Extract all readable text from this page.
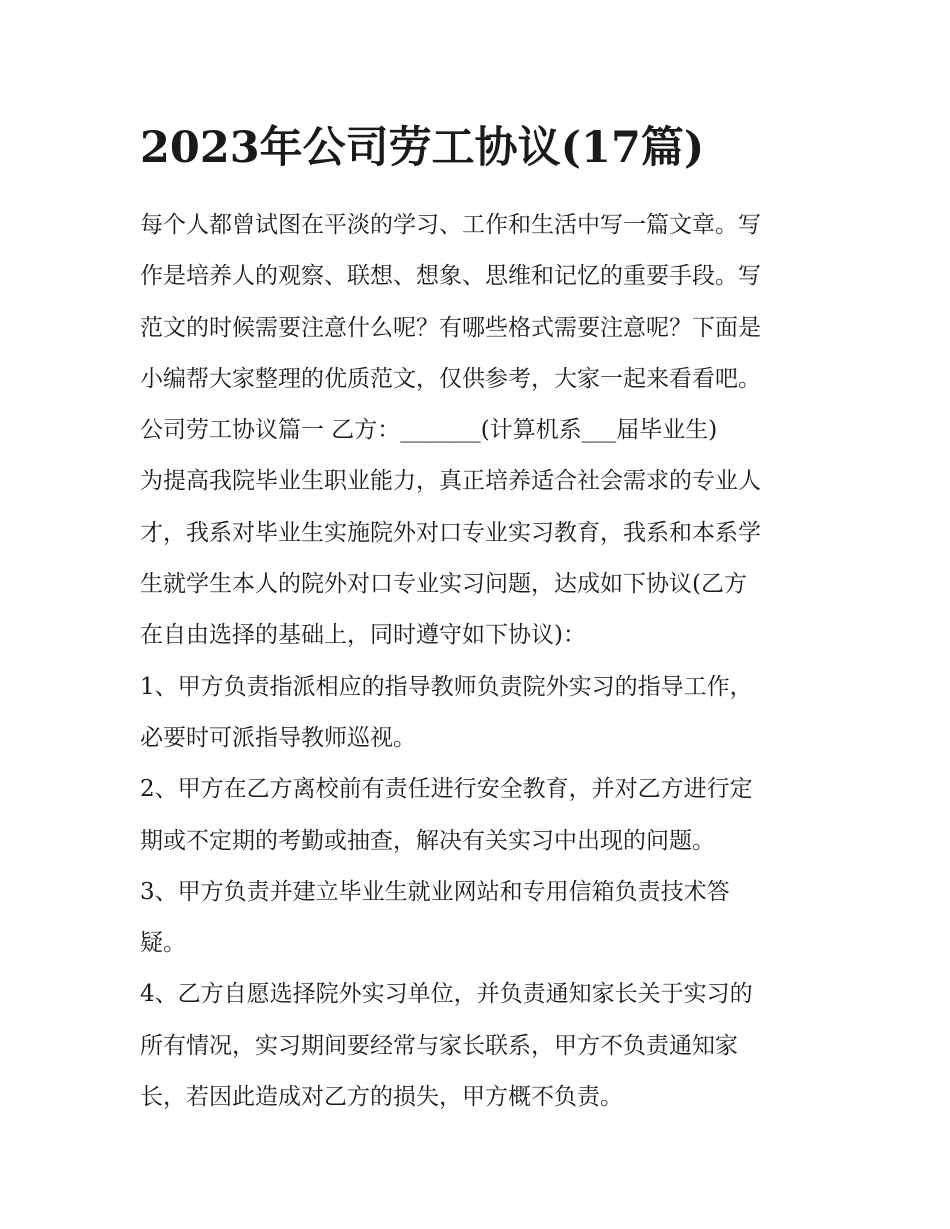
2023年公司劳工协议(17篇)
每个人都曾试图在平淡的学习、工作和生活中写一篇文章。写
作是培养人的观察、联想、想象、思维和记忆的重要手段。写
范文的时候需要注意什么呢？有哪些格式需要注意呢？下面是
小编帮大家整理的优质范文，仅供参考，大家一起来看看吧。
公司劳工协议篇一 乙方：_______(计算机系___届毕业生)
为提高我院毕业生职业能力，真正培养适合社会需求的专业人
才，我系对毕业生实施院外对口专业实习教育，我系和本系学
生就学生本人的院外对口专业实习问题，达成如下协议(乙方
在自由选择的基础上，同时遵守如下协议)：
1、甲方负责指派相应的指导教师负责院外实习的指导工作，
必要时可派指导教师巡视。
2、甲方在乙方离校前有责任进行安全教育，并对乙方进行定
期或不定期的考勤或抽查，解决有关实习中出现的问题。
3、甲方负责并建立毕业生就业网站和专用信箱负责技术答
疑。
4、乙方自愿选择院外实习单位，并负责通知家长关于实习的
所有情况，实习期间要经常与家长联系，甲方不负责通知家
长，若因此造成对乙方的损失，甲方概不负责。
